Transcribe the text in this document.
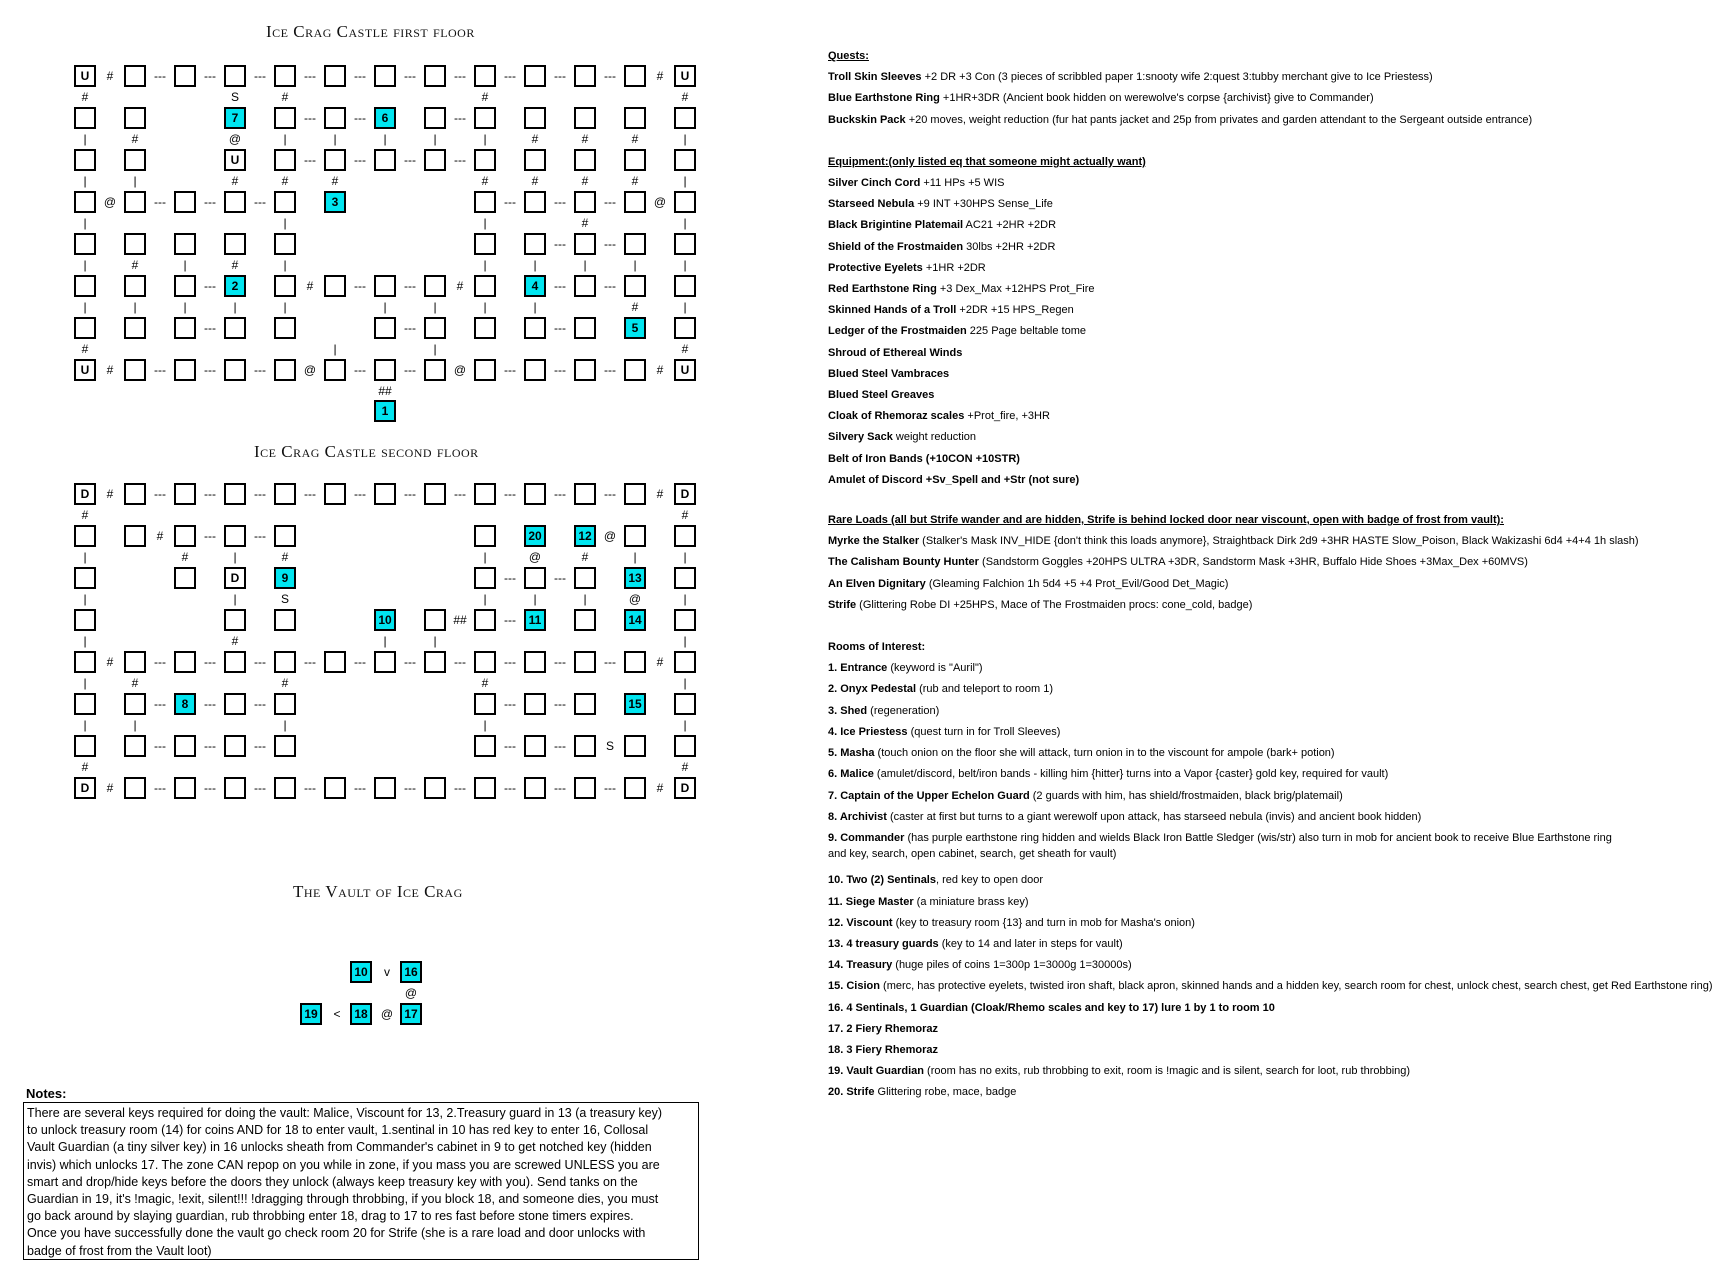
Ice Crag Castle first floor
Ice Crag Castle second floor
The Vault of Ice Crag
U	U
#	---	---	---	---	---	---	---	---	---	---	#
7	6
#	S	#	#	#
---	---	---
U
|	#	@	|	|	|	|	|	#	#	#	|
---	---	---	---
3
|	|	#	#	#	#	#	#	#	|
@	---	---	---	---	---	---	@
|	|	|	#	|
---	---
2	4
|	#	|	#	|	|	|	|	|	|
---	#	---	---	#	---	---
5
|	|	|	|	|	|	|	|	|	#	|
---	---	---
U	U
#	|	|	#
#	---	---	---	@	---	---	@	---	---	---	#
##
1
D	D
#	---	---	---	---	---	---	---	---	---	---	#
20	12
#	#
#	---	---	@
D	9	13
|	#	|	#	|	@	#	|	|
---	---
10	11	14
|	|	S	|	|	|	@	|
##	---
|	#	|	|	|
#	---	---	---	---	---	---	---	---	---	---	#
8	15
|	#	#	#	|
---	---	---	---	---
|	|	|	|	|
---	---	---	---	---	S
D	D
#	#
#	---	---	---	---	---	---	---	---	---	---	#
10	v	16
@
19	<	18	@ 17
Quests:
Troll Skin Sleeves +2 DR +3 Con (3 pieces of scribbled paper 1:snooty wife 2:quest 3:tubby merchant give to Ice Priestess)
Blue Earthstone Ring +1HR+3DR (Ancient book hidden on werewolve's corpse {archivist} give to Commander)
Buckskin Pack +20 moves, weight reduction (fur hat pants jacket and 25p from privates and garden attendant to the Sergeant outside entrance)
Equipment:(only listed eq that someone might actually want)
Silver Cinch Cord +11 HPs +5 WIS
Starseed Nebula +9 INT +30HPS Sense_Life
Black Brigintine Platemail AC21 +2HR +2DR
Shield of the Frostmaiden 30lbs +2HR +2DR
Protective Eyelets +1HR +2DR
Red Earthstone Ring +3 Dex_Max +12HPS Prot_Fire
Skinned Hands of a Troll +2DR +15 HPS_Regen
Ledger of the Frostmaiden 225 Page beltable tome
Shroud of Ethereal Winds
Blued Steel Vambraces
Blued Steel Greaves
Cloak of Rhemoraz scales +Prot_fire, +3HR
Silvery Sack weight reduction
Belt of Iron Bands (+10CON +10STR)
Amulet of Discord +Sv_Spell and +Str (not sure)
Rare Loads (all but Strife wander and are hidden, Strife is behind locked door near viscount, open with badge of frost from vault):
Myrke the Stalker (Stalker's Mask INV_HIDE {don't think this loads anymore}, Straightback Dirk 2d9 +3HR HASTE Slow_Poison, Black Wakizashi 6d4 +4+4 1h slash)
The Calisham Bounty Hunter (Sandstorm Goggles +20HPS ULTRA +3DR, Sandstorm Mask +3HR, Buffalo Hide Shoes +3Max_Dex +60MVS)
An Elven Dignitary (Gleaming Falchion 1h 5d4 +5 +4 Prot_Evil/Good Det_Magic)
Strife (Glittering Robe DI +25HPS, Mace of The Frostmaiden procs: cone_cold, badge)
Rooms of Interest:
1. Entrance (keyword is "Auril")
2. Onyx Pedestal (rub and teleport to room 1)
3. Shed (regeneration)
4. Ice Priestess (quest turn in for Troll Sleeves)
5. Masha (touch onion on the floor she will attack, turn onion in to the viscount for ampole (bark+ potion)
6. Malice (amulet/discord, belt/iron bands - killing him {hitter} turns into a Vapor {caster} gold key, required for vault)
7. Captain of the Upper Echelon Guard (2 guards with him, has shield/frostmaiden, black brig/platemail)
8. Archivist (caster at first but turns to a giant werewolf upon attack, has starseed nebula (invis) and ancient book hidden)
9. Commander (has purple earthstone ring hidden and wields Black Iron Battle Sledger (wis/str) also turn in mob for ancient book to receive Blue Earthstone ring
and key, search, open cabinet, search, get sheath for vault)
10. Two (2) Sentinals, red key to open door
11. Siege Master (a miniature brass key)
12. Viscount (key to treasury room {13} and turn in mob for Masha's onion)
13. 4 treasury guards (key to 14 and later in steps for vault)
14. Treasury (huge piles of coins 1=300p 1=3000g 1=30000s)
15. Cision (merc, has protective eyelets, twisted iron shaft, black apron, skinned hands and a hidden key, search room for chest, unlock chest, search chest, get Red Earthstone ring)
16. 4 Sentinals, 1 Guardian (Cloak/Rhemo scales and key to 17) lure 1 by 1 to room 10
17. 2 Fiery Rhemoraz
18. 3 Fiery Rhemoraz
19. Vault Guardian (room has no exits, rub throbbing to exit, room is !magic and is silent, search for loot, rub throbbing)
20. Strife Glittering robe, mace, badge
Notes:
There are several keys required for doing the vault: Malice, Viscount for 13, 2.Treasury guard in 13 (a treasury key)
to unlock treasury room (14) for coins AND for 18 to enter vault, 1.sentinal in 10 has red key to enter 16, Collosal
Vault Guardian (a tiny silver key) in 16 unlocks sheath from Commander's cabinet in 9 to get notched key (hidden
invis) which unlocks 17. The zone CAN repop on you while in zone, if you mass you are screwed UNLESS you are
smart and drop/hide keys before the doors they unlock (always keep treasury key with you). Send tanks on the
Guardian in 19, it's !magic, !exit, silent!!! !dragging through throbbing, if you block 18, and someone dies, you must
go back around by slaying guardian, rub throbbing enter 18, drag to 17 to res fast before stone timers expires.
Once you have successfully done the vault go check room 20 for Strife (she is a rare load and door unlocks with
badge of frost from the Vault loot)
